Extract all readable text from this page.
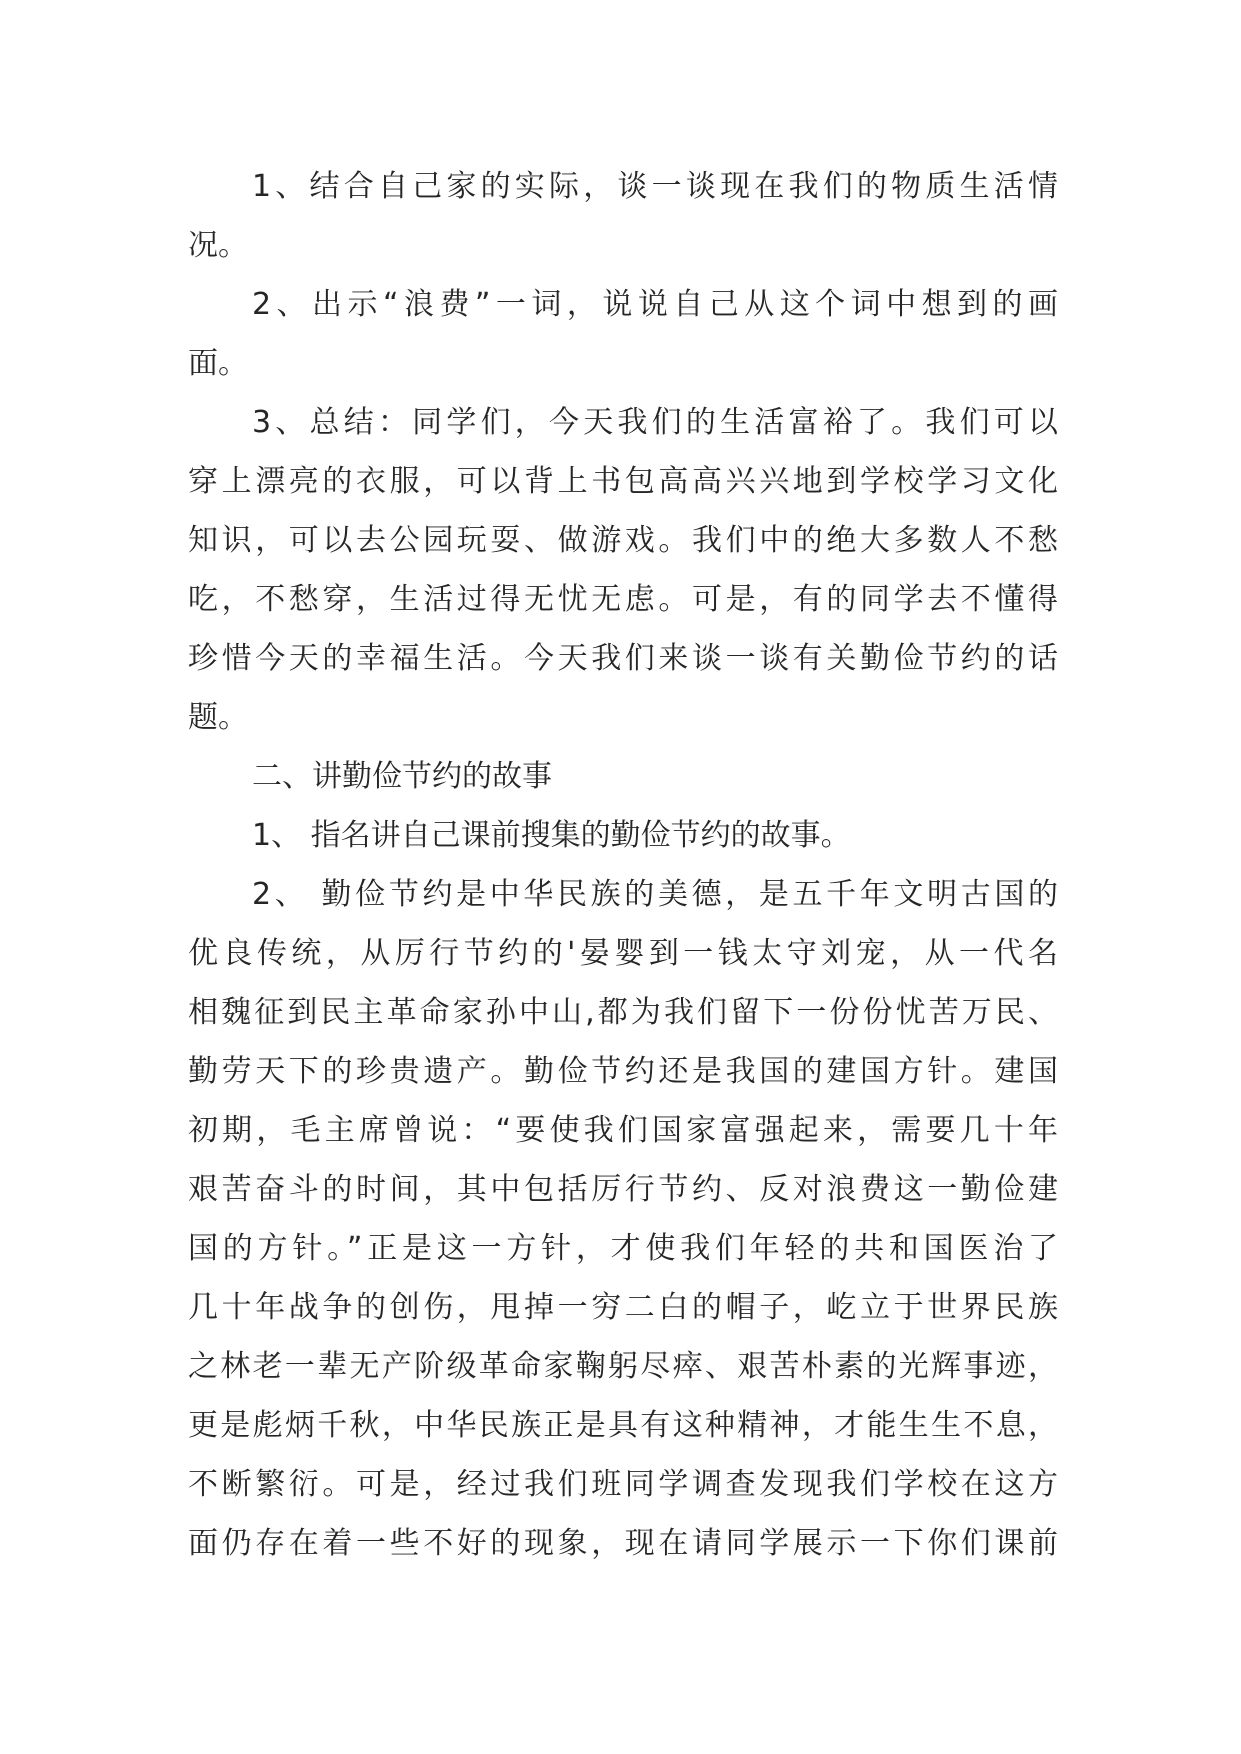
1、结合自己家的实际，谈一谈现在我们的物质生活情
况。
2、出示“浪费”一词，说说自己从这个词中想到的画
面。
3、总结：同学们，今天我们的生活富裕了。我们可以
穿上漂亮的衣服，可以背上书包高高兴兴地到学校学习文化
知识，可以去公园玩耍、做游戏。我们中的绝大多数人不愁
吃，不愁穿，生活过得无忧无虑。可是，有的同学去不懂得
珍惜今天的幸福生活。今天我们来谈一谈有关勤俭节约的话
题。
二、讲勤俭节约的故事
1、 指名讲自己课前搜集的勤俭节约的故事。
2、 勤俭节约是中华民族的美德，是五千年文明古国的
优良传统，从厉行节约的'晏婴到一钱太守刘宠，从一代名
相魏征到民主革命家孙中山,都为我们留下一份份忧苦万民、
勤劳天下的珍贵遗产。勤俭节约还是我国的建国方针。建国
初期，毛主席曾说：“要使我们国家富强起来，需要几十年
艰苦奋斗的时间，其中包括厉行节约、反对浪费这一勤俭建
国的方针。”正是这一方针，才使我们年轻的共和国医治了
几十年战争的创伤，甩掉一穷二白的帽子，屹立于世界民族
之林老一辈无产阶级革命家鞠躬尽瘁、艰苦朴素的光辉事迹，
更是彪炳千秋，中华民族正是具有这种精神，才能生生不息，
不断繁衍。可是，经过我们班同学调查发现我们学校在这方
面仍存在着一些不好的现象，现在请同学展示一下你们课前
